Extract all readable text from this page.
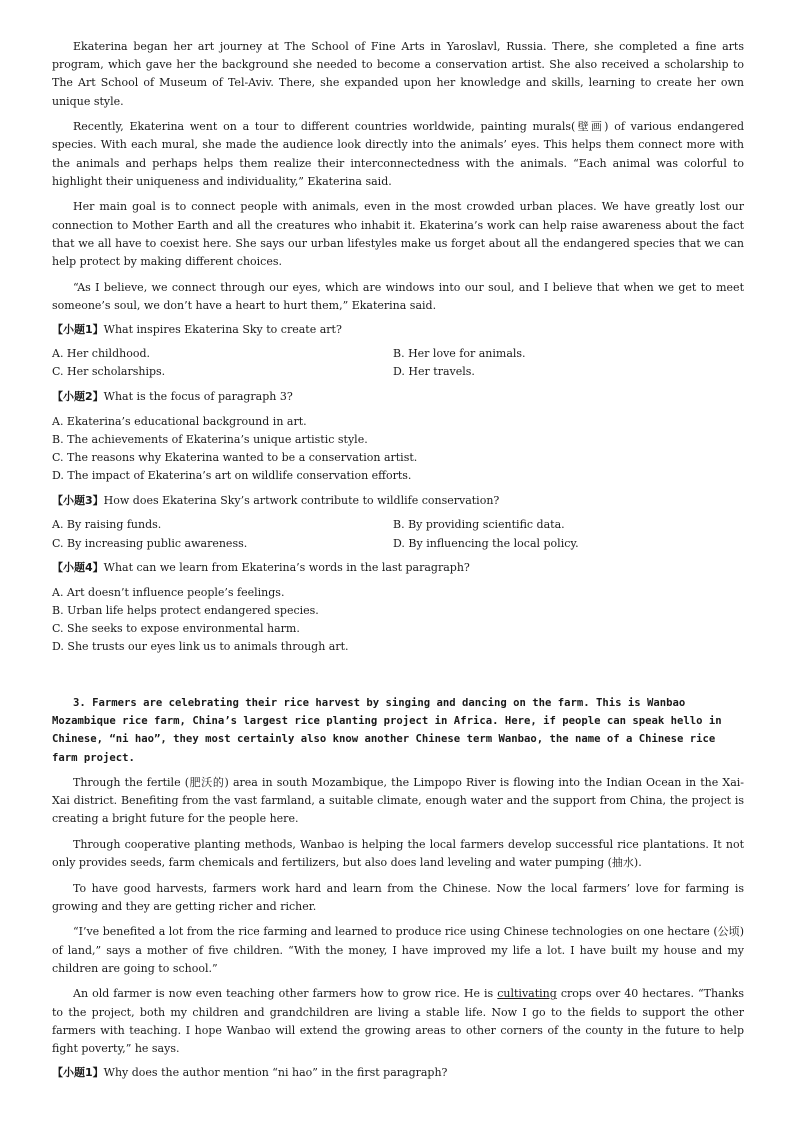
Ekaterina began her art journey at The School of Fine Arts in Yaroslavl, Russia. There, she completed a fine arts program, which gave her the background she needed to become a conservation artist. She also received a scholarship to The Art School of Museum of Tel-Aviv. There, she expanded upon her knowledge and skills, learning to create her own unique style.

Recently, Ekaterina went on a tour to different countries worldwide, painting murals(壁画) of various endangered species. With each mural, she made the audience look directly into the animals’ eyes. This helps them connect more with the animals and perhaps helps them realize their interconnectedness with the animals. “Each animal was colorful to highlight their uniqueness and individuality,” Ekaterina said.

Her main goal is to connect people with animals, even in the most crowded urban places. We have greatly lost our connection to Mother Earth and all the creatures who inhabit it. Ekaterina’s work can help raise awareness about the fact that we all have to coexist here. She says our urban lifestyles make us forget about all the endangered species that we can help protect by making different choices.

“As I believe, we connect through our eyes, which are windows into our soul, and I believe that when we get to meet someone’s soul, we don’t have a heart to hurt them,” Ekaterina said.

【小题1】What inspires Ekaterina Sky to create art?

A. Her childhood.	B. Her love for animals.
C. Her scholarships.	D. Her travels.

【小题2】What is the focus of paragraph 3?

A. Ekaterina’s educational background in art.
B. The achievements of Ekaterina’s unique artistic style.
C. The reasons why Ekaterina wanted to be a conservation artist.
D. The impact of Ekaterina’s art on wildlife conservation efforts.

【小题3】How does Ekaterina Sky’s artwork contribute to wildlife conservation?

A. By raising funds.	B. By providing scientific data.
C. By increasing public awareness.	D. By influencing the local policy.

【小题4】What can we learn from Ekaterina’s words in the last paragraph?

A. Art doesn’t influence people’s feelings.
B. Urban life helps protect endangered species.
C. She seeks to expose environmental harm.
D. She trusts our eyes link us to animals through art.

3. Farmers are celebrating their rice harvest by singing and dancing on the farm. This is Wanbao Mozambique rice farm, China’s largest rice planting project in Africa. Here, if people can speak hello in Chinese, “ni hao”, they most certainly also know another Chinese term Wanbao, the name of a Chinese rice farm project.

Through the fertile (肥沃的) area in south Mozambique, the Limpopo River is flowing into the Indian Ocean in the Xai-Xai district. Benefiting from the vast farmland, a suitable climate, enough water and the support from China, the project is creating a bright future for the people here.

Through cooperative planting methods, Wanbao is helping the local farmers develop successful rice plantations. It not only provides seeds, farm chemicals and fertilizers, but also does land leveling and water pumping (抽水).

To have good harvests, farmers work hard and learn from the Chinese. Now the local farmers’ love for farming is growing and they are getting richer and richer.

“I’ve benefited a lot from the rice farming and learned to produce rice using Chinese technologies on one hectare (公顷) of land,” says a mother of five children. “With the money, I have improved my life a lot. I have built my house and my children are going to school.”

An old farmer is now even teaching other farmers how to grow rice. He is cultivating crops over 40 hectares. “Thanks to the project, both my children and grandchildren are living a stable life. Now I go to the fields to support the other farmers with teaching. I hope Wanbao will extend the growing areas to other corners of the county in the future to help fight poverty,” he says.

【小题1】Why does the author mention “ni hao” in the first paragraph?
